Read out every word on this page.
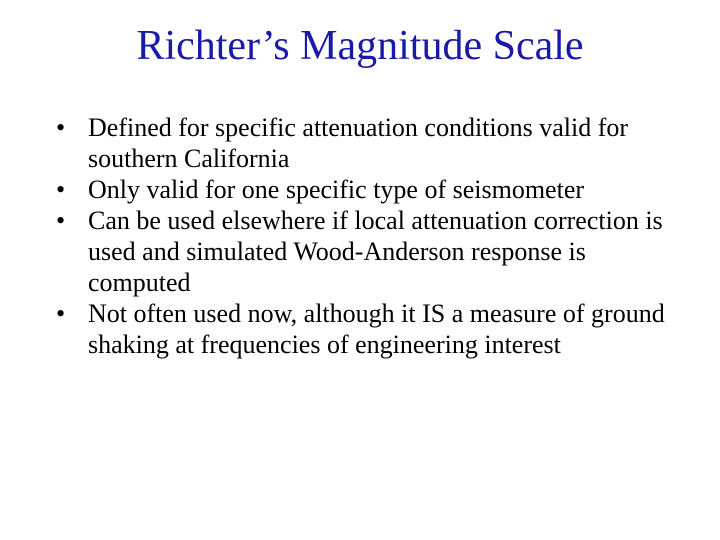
Richter’s Magnitude Scale
• Defined for specific attenuation conditions valid for southern California
• Only valid for one specific type of seismometer
• Can be used elsewhere if local attenuation correction is used and simulated Wood-Anderson response is computed
• Not often used now, although it IS a measure of ground shaking at frequencies of engineering interest
